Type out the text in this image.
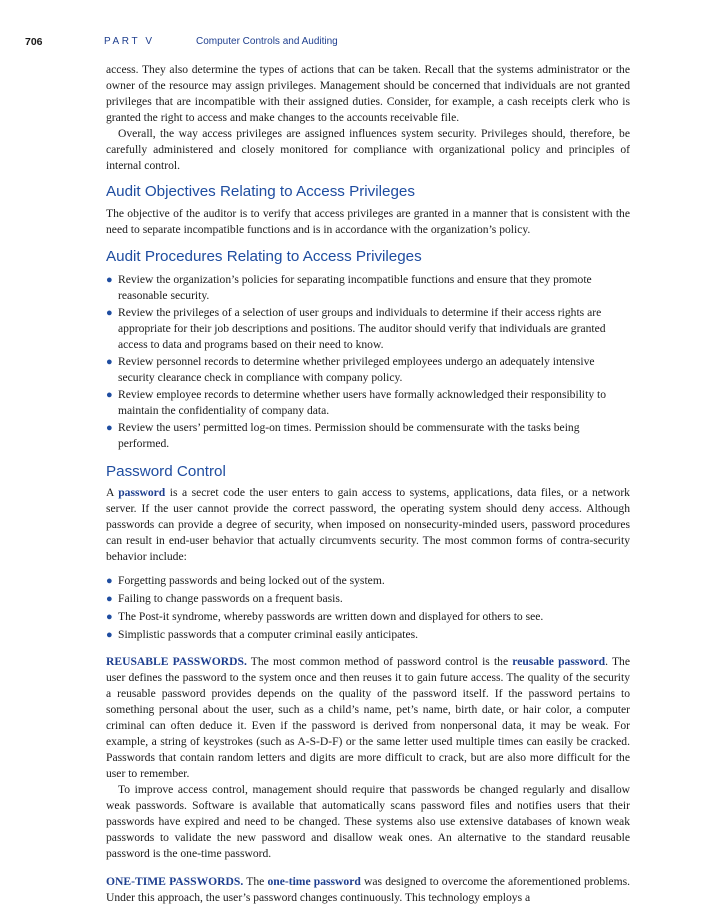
706	PART V	Computer Controls and Auditing

access. They also determine the types of actions that can be taken. Recall that the systems administrator or the owner of the resource may assign privileges. Management should be concerned that individuals are not granted privileges that are incompatible with their assigned duties. Consider, for example, a cash receipts clerk who is granted the right to access and make changes to the accounts receivable file.

Overall, the way access privileges are assigned influences system security. Privileges should, therefore, be carefully administered and closely monitored for compliance with organizational policy and principles of internal control.

Audit Objectives Relating to Access Privileges

The objective of the auditor is to verify that access privileges are granted in a manner that is consistent with the need to separate incompatible functions and is in accordance with the organization’s policy.

Audit Procedures Relating to Access Privileges
● Review the organization’s policies for separating incompatible functions and ensure that they promote reasonable security.
● Review the privileges of a selection of user groups and individuals to determine if their access rights are appropriate for their job descriptions and positions. The auditor should verify that individuals are granted access to data and programs based on their need to know.
● Review personnel records to determine whether privileged employees undergo an adequately intensive security clearance check in compliance with company policy.
● Review employee records to determine whether users have formally acknowledged their responsibility to maintain the confidentiality of company data.
● Review the users’ permitted log-on times. Permission should be commensurate with the tasks being performed.
Password Control

A password is a secret code the user enters to gain access to systems, applications, data files, or a network server. If the user cannot provide the correct password, the operating system should deny access. Although passwords can provide a degree of security, when imposed on nonsecurity-minded users, password procedures can result in end-user behavior that actually circumvents security. The most common forms of contra-security behavior include:

● Forgetting passwords and being locked out of the system.
● Failing to change passwords on a frequent basis.
● The Post-it syndrome, whereby passwords are written down and displayed for others to see.
● Simplistic passwords that a computer criminal easily anticipates.

REUSABLE PASSWORDS. The most common method of password control is the reusable password. The user defines the password to the system once and then reuses it to gain future access. The quality of the security a reusable password provides depends on the quality of the password itself. If the password pertains to something personal about the user, such as a child’s name, pet’s name, birth date, or hair color, a computer criminal can often deduce it. Even if the password is derived from nonpersonal data, it may be weak. For example, a string of keystrokes (such as A-S-D-F) or the same letter used multiple times can easily be cracked. Passwords that contain random letters and digits are more difficult to crack, but are also more difficult for the user to remember.

To improve access control, management should require that passwords be changed regularly and disallow weak passwords. Software is available that automatically scans password files and notifies users that their passwords have expired and need to be changed. These systems also use extensive databases of known weak passwords to validate the new password and disallow weak ones. An alternative to the standard reusable password is the one-time password.

ONE-TIME PASSWORDS. The one-time password was designed to overcome the aforementioned problems. Under this approach, the user’s password changes continuously. This technology employs a
